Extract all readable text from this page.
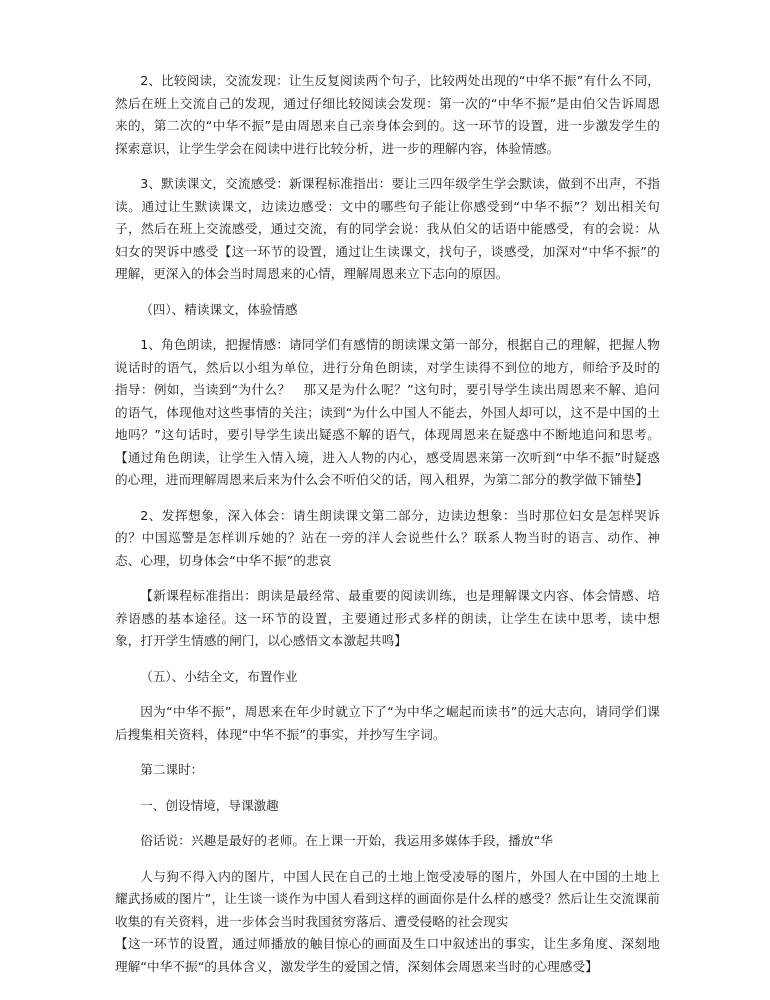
2、比较阅读，交流发现：让生反复阅读两个句子，比较两处出现的“中华不振”有什么不同，然后在班上交流自己的发现，通过仔细比较阅读会发现：第一次的“中华不振”是由伯父告诉周恩来的，第二次的“中华不振”是由周恩来自己亲身体会到的。这一环节的设置，进一步激发学生的探索意识，让学生学会在阅读中进行比较分析，进一步的理解内容，体验情感。

3、默读课文，交流感受：新课程标准指出：要让三四年级学生学会默读，做到不出声，不指读。通过让生默读课文，边读边感受：文中的哪些句子能让你感受到“中华不振”？划出相关句子，然后在班上交流感受，通过交流，有的同学会说：我从伯父的话语中能感受，有的会说：从妇女的哭诉中感受【这一环节的设置，通过让生读课文，找句子，谈感受，加深对“中华不振”的理解，更深入的体会当时周恩来的心情，理解周恩来立下志向的原因。

（四）、精读课文，体验情感

1、角色朗读，把握情感：请同学们有感情的朗读课文第一部分，根据自己的理解，把握人物说话时的语气，然后以小组为单位，进行分角色朗读，对学生读得不到位的地方，师给予及时的指导：例如，当读到“为什么？　那又是为什么呢？”这句时，要引导学生读出周恩来不解、追问的语气，体现他对这些事情的关注；读到“为什么中国人不能去，外国人却可以，这不是中国的土地吗？”这句话时，要引导学生读出疑惑不解的语气，体现周恩来在疑惑中不断地追问和思考。【通过角色朗读，让学生入情入境，进入人物的内心，感受周恩来第一次听到“中华不振”时疑惑的心理，进而理解周恩来后来为什么会不听伯父的话，闯入租界，为第二部分的教学做下铺垫】

2、发挥想象，深入体会：请生朗读课文第二部分，边读边想象：当时那位妇女是怎样哭诉的？中国巡警是怎样训斥她的？站在一旁的洋人会说些什么？联系人物当时的语言、动作、神态、心理，切身体会“中华不振”的悲哀

【新课程标准指出：朗读是最经常、最重要的阅读训练，也是理解课文内容、体会情感、培养语感的基本途径。这一环节的设置，主要通过形式多样的朗读，让学生在读中思考，读中想象，打开学生情感的闸门，以心感悟文本激起共鸣】

（五）、小结全文，布置作业

因为“中华不振”，周恩来在年少时就立下了“为中华之崛起而读书”的远大志向，请同学们课后搜集相关资料，体现“中华不振”的事实，并抄写生字词。

第二课时：

一、创设情境，导课激趣

俗话说：兴趣是最好的老师。在上课一开始，我运用多媒体手段，播放“华

人与狗不得入内的图片，中国人民在自己的土地上饱受凌辱的图片，外国人在中国的土地上耀武扬威的图片”，让生谈一谈作为中国人看到这样的画面你是什么样的感受？然后让生交流课前收集的有关资料，进一步体会当时我国贫穷落后、遭受侵略的社会现实

【这一环节的设置，通过师播放的触目惊心的画面及生口中叙述出的事实，让生多角度、深刻地理解“中华不振“的具体含义，激发学生的爱国之情，深刻体会周恩来当时的心理感受】
